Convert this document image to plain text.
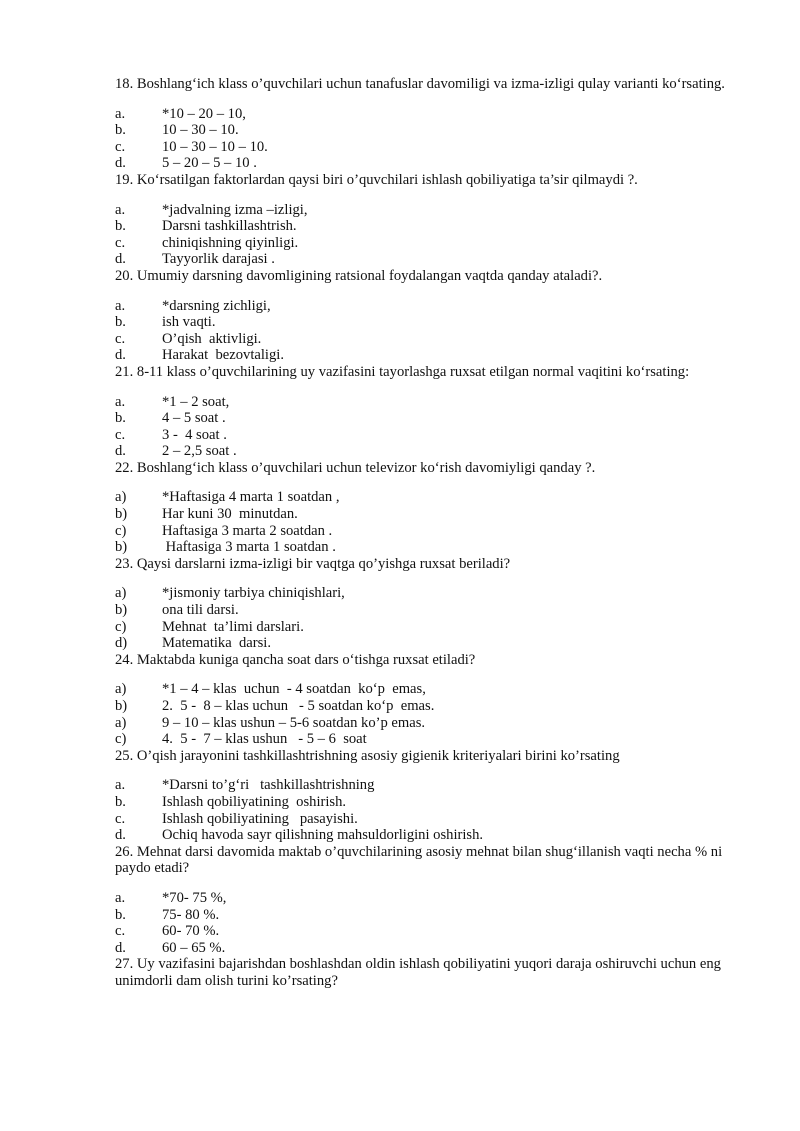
18. Boshlang‘ich klass o’quvchilari uchun tanafuslar davomiligi va izma-izligi qulay varianti ko‘rsating.

a.	*10 – 20 – 10,
b.	10 – 30 – 10.
c.	10 – 30 – 10 – 10.
d.	5 – 20 – 5 – 10 .

19. Ko‘rsatilgan faktorlardan qaysi biri o’quvchilari ishlash qobiliyatiga ta’sir qilmaydi ?.

a.	*jadvalning izma –izligi,
b.	Darsni tashkillashtrish.
c.	chiniqishning qiyinligi.
d.	Tayyorlik darajasi .

20. Umumiy darsning davomligining ratsional foydalangan vaqtda qanday ataladi?.

a.	*darsning zichligi,
b.	ish vaqti.
c.	O’qish  aktivligi.
d.	Harakat  bezovtaligi.

21. 8-11 klass o’quvchilarining uy vazifasini tayorlashga ruxsat etilgan normal vaqitini ko‘rsating:

a.	*1 – 2 soat,
b.	4 – 5 soat .
c.	3 -  4 soat .
d.	2 – 2,5 soat .

22. Boshlang‘ich klass o’quvchilari uchun televizor ko‘rish davomiyligi qanday ?.

a)	*Haftasiga 4 marta 1 soatdan ,
b)	Har kuni 30  minutdan.
c)	Haftasiga 3 marta 2 soatdan .
b)	Haftasiga 3 marta 1 soatdan .

23. Qaysi darslarni izma-izligi bir vaqtga qo’yishga ruxsat beriladi?

a)	*jismoniy tarbiya chiniqishlari,
b)	ona tili darsi.
c)	Mehnat  ta’limi darslari.
d)	Matematika  darsi.

24. Maktabda kuniga qancha soat dars o‘tishga ruxsat etiladi?

a)	*1 – 4 – klas  uchun  - 4 soatdan  ko‘p  emas,
b)	2.  5 -  8 – klas uchun   - 5 soatdan ko‘p  emas.
a)	9 – 10 – klas ushun – 5-6 soatdan ko’p emas.
c)	4.  5 -  7 – klas ushun   - 5 – 6  soat

25. O’qish jarayonini tashkillashtrishning asosiy gigienik kriteriyalari birini ko’rsating

a.	*Darsni to’g‘ri   tashkillashtrishning
b.	Ishlash qobiliyatining  oshirish.
c.	Ishlash qobiliyatining   pasayishi.
d.	Ochiq havoda sayr qilishning mahsuldorligini oshirish.

26. Mehnat darsi davomida maktab o’quvchilarining asosiy mehnat bilan shug‘illanish vaqti necha % ni paydo etadi?

a.	*70- 75 %,
b.	75- 80 %.
c.	60- 70 %.
d.	60 – 65 %.

27. Uy vazifasini bajarishdan boshlashdan oldin ishlash qobiliyatini yuqori daraja oshiruvchi uchun eng unimdorli dam olish turini ko’rsating?
